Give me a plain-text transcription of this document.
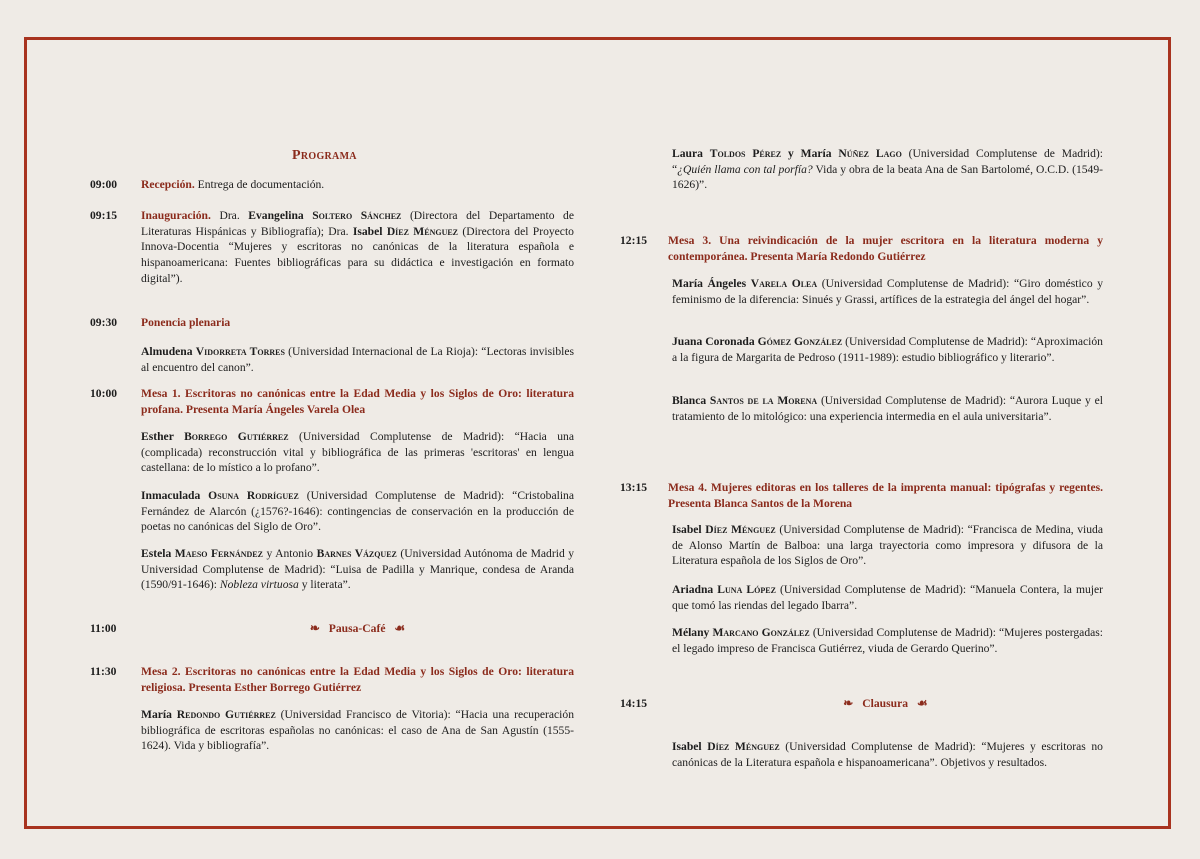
Programa
09:00 Recepción. Entrega de documentación.
09:15 Inauguración. Dra. Evangelina Soltero Sánchez (Directora del Departamento de Literaturas Hispánicas y Bibliografía); Dra. Isabel Díez Ménguez (Directora del Proyecto Innova-Docentia “Mujeres y escritoras no canónicas de la literatura española e hispanoamericana: Fuentes bibliográficas para su didáctica e investigación en formato digital”).
09:30 Ponencia plenaria
Almudena Vidorreta Torres (Universidad Internacional de La Rioja): “Lectoras invisibles al encuentro del canon”.
10:00 Mesa 1. Escritoras no canónicas entre la Edad Media y los Siglos de Oro: literatura profana. Presenta María Ángeles Varela Olea
Esther Borrego Gutiérrez (Universidad Complutense de Madrid): “Hacia una (complicada) reconstrucción vital y bibliográfica de las primeras 'escritoras' en lengua castellana: de lo místico a lo profano”.
Inmaculada Osuna Rodríguez (Universidad Complutense de Madrid): “Cristobalina Fernández de Alarcón (¿1576?-1646): contingencias de conservación en la producción de poetas no canónicas del Siglo de Oro”.
Estela Maeso Fernández y Antonio Barnes Vázquez (Universidad Autónoma de Madrid y Universidad Complutense de Madrid): “Luisa de Padilla y Manrique, condesa de Aranda (1590/91-1646): Nobleza virtuosa y literata”.
11:00	❧ Pausa-Café ☙
11:30 Mesa 2. Escritoras no canónicas entre la Edad Media y los Siglos de Oro: literatura religiosa. Presenta Esther Borrego Gutiérrez
María Redondo Gutiérrez (Universidad Francisco de Vitoria): “Hacia una recuperación bibliográfica de escritoras españolas no canónicas: el caso de Ana de San Agustín (1555-1624). Vida y bibliografía”.
Laura Toldos Pérez y María Núñez Lago (Universidad Complutense de Madrid): “¿Quién llama con tal porfía? Vida y obra de la beata Ana de San Bartolomé, O.C.D. (1549-1626)”.
12:15 Mesa 3. Una reivindicación de la mujer escritora en la literatura moderna y contemporánea. Presenta María Redondo Gutiérrez
María Ángeles Varela Olea (Universidad Complutense de Madrid): “Giro doméstico y feminismo de la diferencia: Sinués y Grassi, artífices de la estrategia del ángel del hogar”.
Juana Coronada Gómez González (Universidad Complutense de Madrid): “Aproximación a la figura de Margarita de Pedroso (1911-1989): estudio bibliográfico y literario”.
Blanca Santos de la Morena (Universidad Complutense de Madrid): “Aurora Luque y el tratamiento de lo mitológico: una experiencia intermedia en el aula universitaria”.
13:15 Mesa 4. Mujeres editoras en los talleres de la imprenta manual: tipógrafas y regentes. Presenta Blanca Santos de la Morena
Isabel Díez Ménguez (Universidad Complutense de Madrid): “Francisca de Medina, viuda de Alonso Martín de Balboa: una larga trayectoria como impresora y difusora de la Literatura española de los Siglos de Oro”.
Ariadna Luna López (Universidad Complutense de Madrid): “Manuela Contera, la mujer que tomó las riendas del legado Ibarra”.
Mélany Marcano González (Universidad Complutense de Madrid): “Mujeres postergadas: el legado impreso de Francisca Gutiérrez, viuda de Gerardo Querino”.
14:15	❧ Clausura ☙
Isabel Díez Ménguez (Universidad Complutense de Madrid): “Mujeres y escritoras no canónicas de la Literatura española e hispanoamericana”. Objetivos y resultados.
